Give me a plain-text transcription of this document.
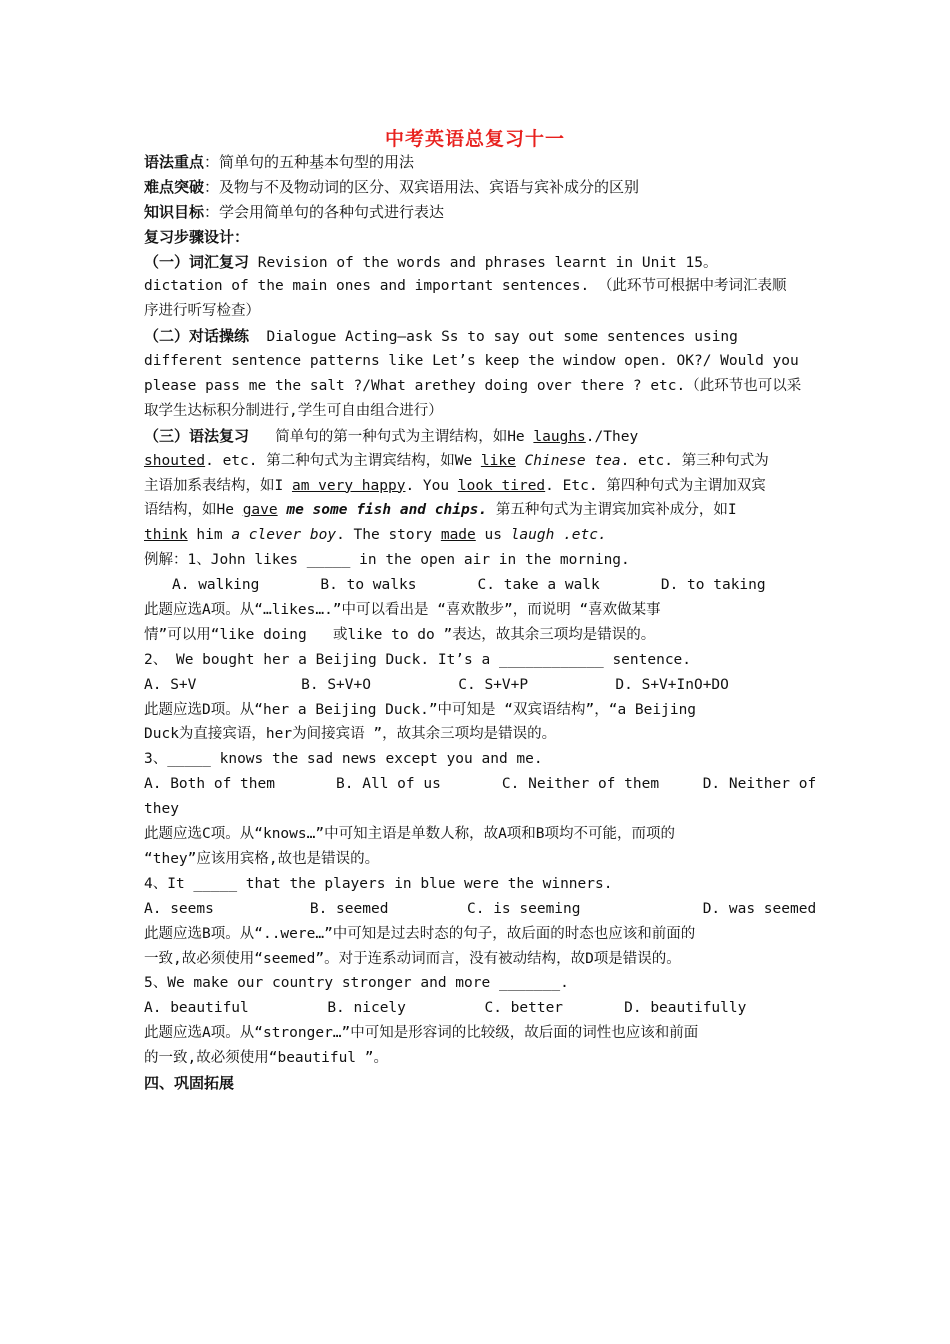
中考英语总复习十一
语法重点：简单句的五种基本句型的用法
难点突破：及物与不及物动词的区分、双宾语用法、宾语与宾补成分的区别
知识目标：学会用简单句的各种句式进行表达
复习步骤设计：
（一）词汇复习 Revision of the words and phrases learnt in Unit 15。
dictation of the main ones and important sentences. （此环节可根据中考词汇表顺
序进行听写检查）
（二）对话操练  Dialogue Acting—ask Ss to say out some sentences using
different sentence patterns like Let’s keep the window open. OK?/ Would you
please pass me the salt ?/What arethey doing over there ? etc.（此环节也可以采
取学生达标积分制进行,学生可自由组合进行）
（三）语法复习   简单句的第一种句式为主谓结构，如He laughs./They
shouted. etc. 第二种句式为主谓宾结构，如We like Chinese tea. etc. 第三种句式为
主语加系表结构，如I am very happy. You look tired. Etc. 第四种句式为主谓加双宾
语结构，如He gave me some fish and chips. 第五种句式为主谓宾加宾补成分，如I
think him a clever boy. The story made us laugh .etc.
例解：1、John likes _____ in the open air in the morning.
A. walking       B. to walks       C. take a walk       D. to taking
此题应选A项。从“…likes….”中可以看出是 “喜欢散步”，而说明 “喜欢做某事
情”可以用“like doing   或like to do ”表达，故其余三项均是错误的。
2、 We bought her a Beijing Duck. It’s a ____________ sentence.
A. S+V            B. S+V+O          C. S+V+P          D. S+V+InO+DO
此题应选D项。从“her a Beijing Duck.”中可知是 “双宾语结构”，“a Beijing
Duck为直接宾语，her为间接宾语 ”，故其余三项均是错误的。
3、_____ knows the sad news except you and me.
A. Both of them       B. All of us       C. Neither of them     D. Neither of
they
此题应选C项。从“knows…”中可知主语是单数人称，故A项和B项均不可能，而项的
“they”应该用宾格,故也是错误的。
4、It _____ that the players in blue were the winners.
A. seems           B. seemed         C. is seeming              D. was seemed
此题应选B项。从“..were…”中可知是过去时态的句子，故后面的时态也应该和前面的
一致,故必须使用“seemed”。对于连系动词而言，没有被动结构，故D项是错误的。
5、We make our country stronger and more _______.
A. beautiful         B. nicely         C. better       D. beautifully
此题应选A项。从“stronger…”中可知是形容词的比较级，故后面的词性也应该和前面
的一致,故必须使用“beautiful ”。
四、巩固拓展
